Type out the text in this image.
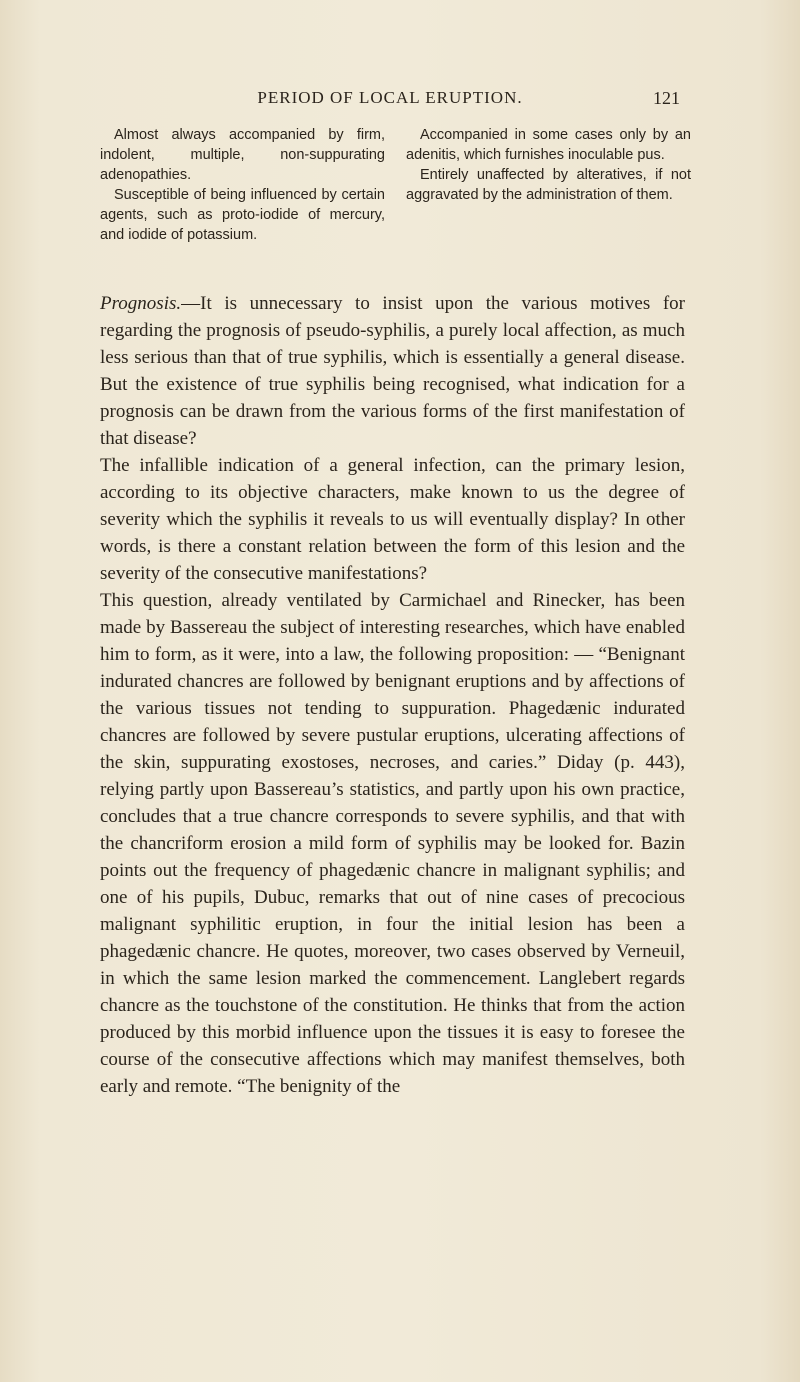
PERIOD OF LOCAL ERUPTION.	121

Almost always accompanied by firm, indolent, multiple, non-suppurating adenopathies.

Susceptible of being influenced by certain agents, such as proto-iodide of mercury, and iodide of potassium.

Accompanied in some cases only by an adenitis, which furnishes inoculable pus.

Entirely unaffected by alteratives, if not aggravated by the administration of them.

Prognosis.—It is unnecessary to insist upon the various motives for regarding the prognosis of pseudo-syphilis, a purely local affection, as much less serious than that of true syphilis, which is essentially a general disease. But the existence of true syphilis being recognised, what indication for a prognosis can be drawn from the various forms of the first manifestation of that disease?

The infallible indication of a general infection, can the primary lesion, according to its objective characters, make known to us the degree of severity which the syphilis it reveals to us will eventually display? In other words, is there a constant relation between the form of this lesion and the severity of the consecutive manifestations?

This question, already ventilated by Carmichael and Rinecker, has been made by Bassereau the subject of interesting researches, which have enabled him to form, as it were, into a law, the following proposition: — “Benignant indurated chancres are followed by benignant eruptions and by affections of the various tissues not tending to suppuration. Phagedænic indurated chancres are followed by severe pustular eruptions, ulcerating affections of the skin, suppurating exostoses, necroses, and caries.” Diday (p. 443), relying partly upon Bassereau’s statistics, and partly upon his own practice, concludes that a true chancre corresponds to severe syphilis, and that with the chancriform erosion a mild form of syphilis may be looked for. Bazin points out the frequency of phagedænic chancre in malignant syphilis; and one of his pupils, Dubuc, remarks that out of nine cases of precocious malignant syphilitic eruption, in four the initial lesion has been a phagedænic chancre. He quotes, moreover, two cases observed by Verneuil, in which the same lesion marked the commencement. Langlebert regards chancre as the touchstone of the constitution. He thinks that from the action produced by this morbid influence upon the tissues it is easy to foresee the course of the consecutive affections which may manifest themselves, both early and remote. “The benignity of the
